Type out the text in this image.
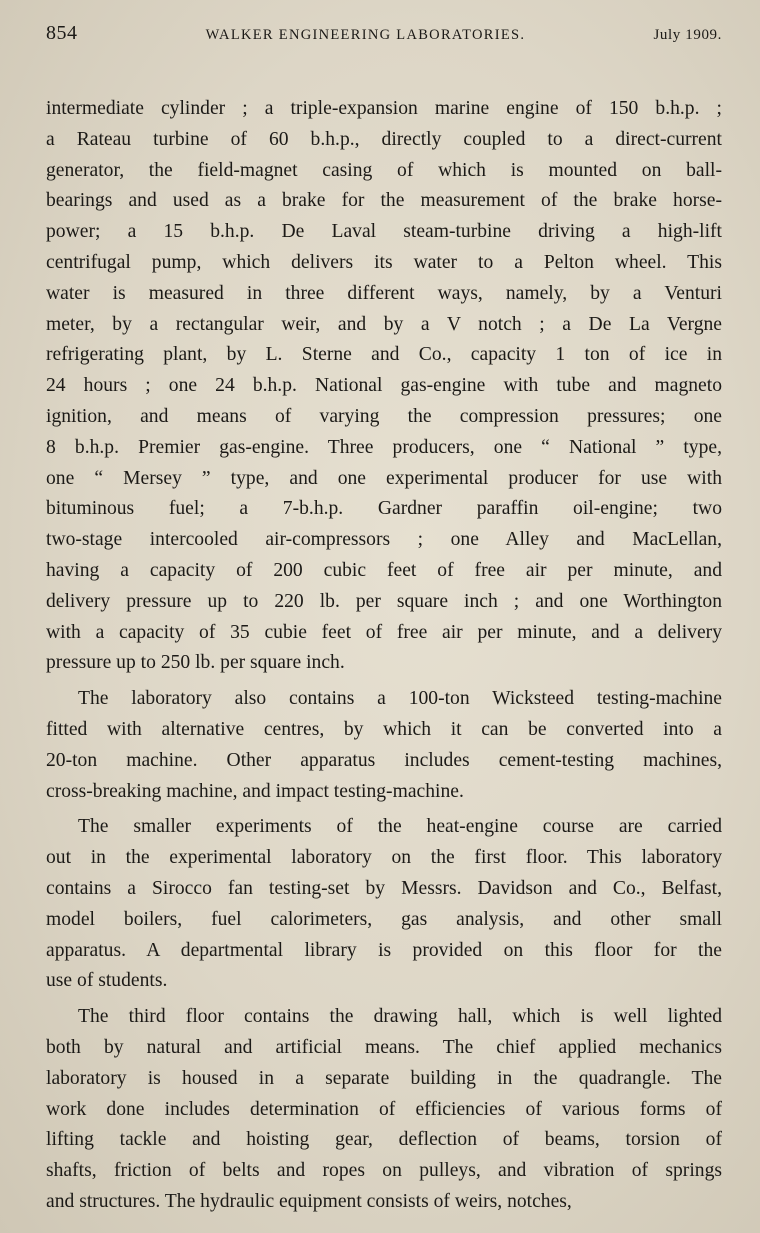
854	WALKER ENGINEERING LABORATORIES.	July 1909.
intermediate cylinder ; a triple-expansion marine engine of 150 b.h.p. ;
a Rateau turbine of 60 b.h.p., directly coupled to a direct-current
generator, the field-magnet casing of which is mounted on ball-
bearings and used as a brake for the measurement of the brake horse-
power; a 15 b.h.p. De Laval steam-turbine driving a high-lift
centrifugal pump, which delivers its water to a Pelton wheel. This
water is measured in three different ways, namely, by a Venturi
meter, by a rectangular weir, and by a V notch ; a De La Vergne
refrigerating plant, by L. Sterne and Co., capacity 1 ton of ice in
24 hours ; one 24 b.h.p. National gas-engine with tube and magneto
ignition, and means of varying the compression pressures; one
8 b.h.p. Premier gas-engine. Three producers, one “ National ” type,
one “ Mersey ” type, and one experimental producer for use with
bituminous fuel; a 7-b.h.p. Gardner paraffin oil-engine; two
two-stage intercooled air-compressors ; one Alley and MacLellan,
having a capacity of 200 cubic feet of free air per minute, and
delivery pressure up to 220 lb. per square inch ; and one Worthington
with a capacity of 35 cubie feet of free air per minute, and a delivery
pressure up to 250 lb. per square inch.
The laboratory also contains a 100-ton Wicksteed testing-machine
fitted with alternative centres, by which it can be converted into a
20-ton machine. Other apparatus includes cement-testing machines,
cross-breaking machine, and impact testing-machine.
The smaller experiments of the heat-engine course are carried
out in the experimental laboratory on the first floor. This laboratory
contains a Sirocco fan testing-set by Messrs. Davidson and Co., Belfast,
model boilers, fuel calorimeters, gas analysis, and other small
apparatus. A departmental library is provided on this floor for the
use of students.
The third floor contains the drawing hall, which is well lighted
both by natural and artificial means. The chief applied mechanics
laboratory is housed in a separate building in the quadrangle. The
work done includes determination of efficiencies of various forms of
lifting tackle and hoisting gear, deflection of beams, torsion of
shafts, friction of belts and ropes on pulleys, and vibration of springs
and structures. The hydraulic equipment consists of weirs, notches,
